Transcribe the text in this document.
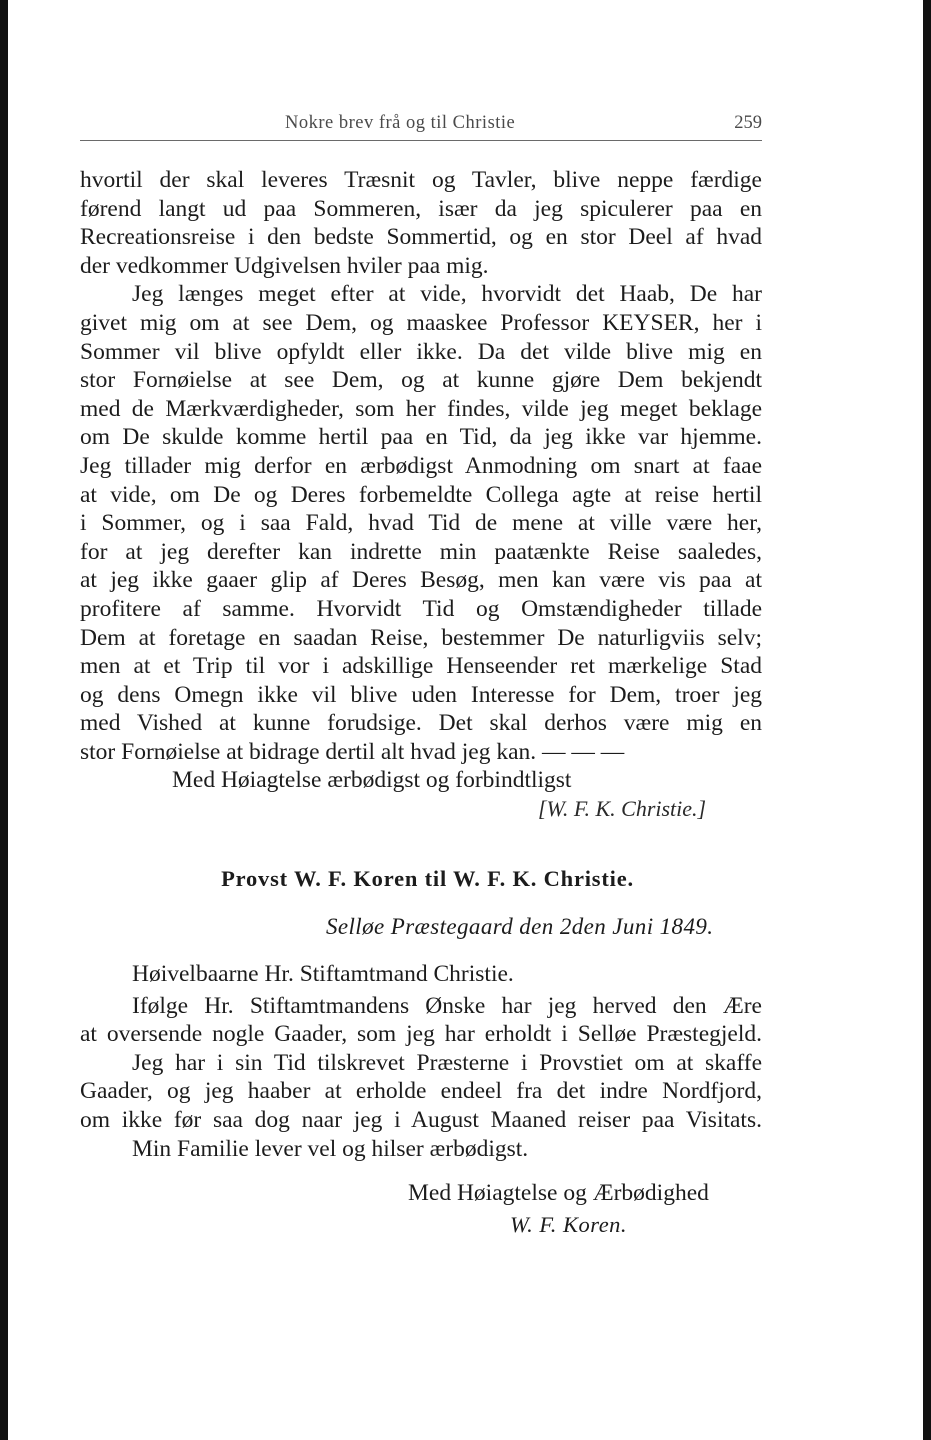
Nokre brev frå og til Christie	259
hvortil der skal leveres Træsnit og Tavler, blive neppe færdige
førend langt ud paa Sommeren, især da jeg spiculerer paa en
Recreationsreise i den bedste Sommertid, og en stor Deel af hvad
der vedkommer Udgivelsen hviler paa mig.
Jeg længes meget efter at vide, hvorvidt det Haab, De har
givet mig om at see Dem, og maaskee Professor KEYSER, her i
Sommer vil blive opfyldt eller ikke. Da det vilde blive mig en
stor Fornøielse at see Dem, og at kunne gjøre Dem bekjendt
med de Mærkværdigheder, som her findes, vilde jeg meget beklage
om De skulde komme hertil paa en Tid, da jeg ikke var hjemme.
Jeg tillader mig derfor en ærbødigst Anmodning om snart at faae
at vide, om De og Deres forbemeldte Collega agte at reise hertil
i Sommer, og i saa Fald, hvad Tid de mene at ville være her,
for at jeg derefter kan indrette min paatænkte Reise saaledes,
at jeg ikke gaaer glip af Deres Besøg, men kan være vis paa at
profitere af samme. Hvorvidt Tid og Omstændigheder tillade
Dem at foretage en saadan Reise, bestemmer De naturligviis selv;
men at et Trip til vor i adskillige Henseender ret mærkelige Stad
og dens Omegn ikke vil blive uden Interesse for Dem, troer jeg
med Vished at kunne forudsige. Det skal derhos være mig en
stor Fornøielse at bidrage dertil alt hvad jeg kan. — — —
Med Høiagtelse ærbødigst og forbindtligst
[W. F. K. Christie.]
Provst W. F. Koren til W. F. K. Christie.
Selløe Præstegaard den 2den Juni 1849.
Høivelbaarne Hr. Stiftamtmand Christie.
Ifølge Hr. Stiftamtmandens Ønske har jeg herved den Ære
at oversende nogle Gaader, som jeg har erholdt i Selløe Præstegjeld.
Jeg har i sin Tid tilskrevet Præsterne i Provstiet om at skaffe
Gaader, og jeg haaber at erholde endeel fra det indre Nordfjord,
om ikke før saa dog naar jeg i August Maaned reiser paa Visitats.
Min Familie lever vel og hilser ærbødigst.
Med Høiagtelse og Ærbødighed
W. F. Koren.
